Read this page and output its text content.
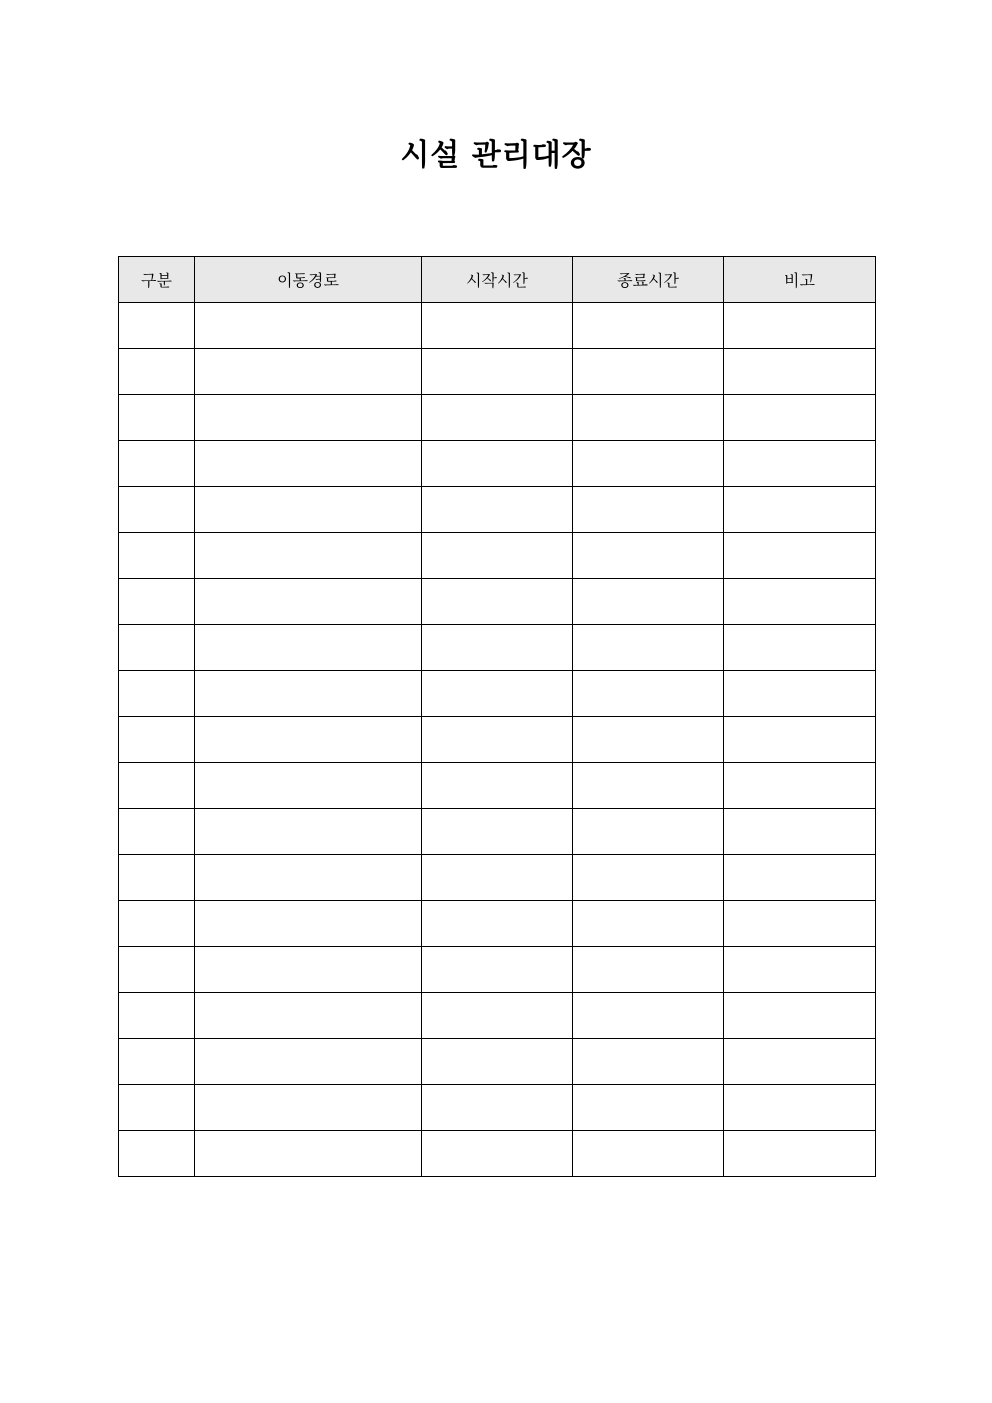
시설 관리대장
구분	이동경로	시작시간	종료시간	비고
